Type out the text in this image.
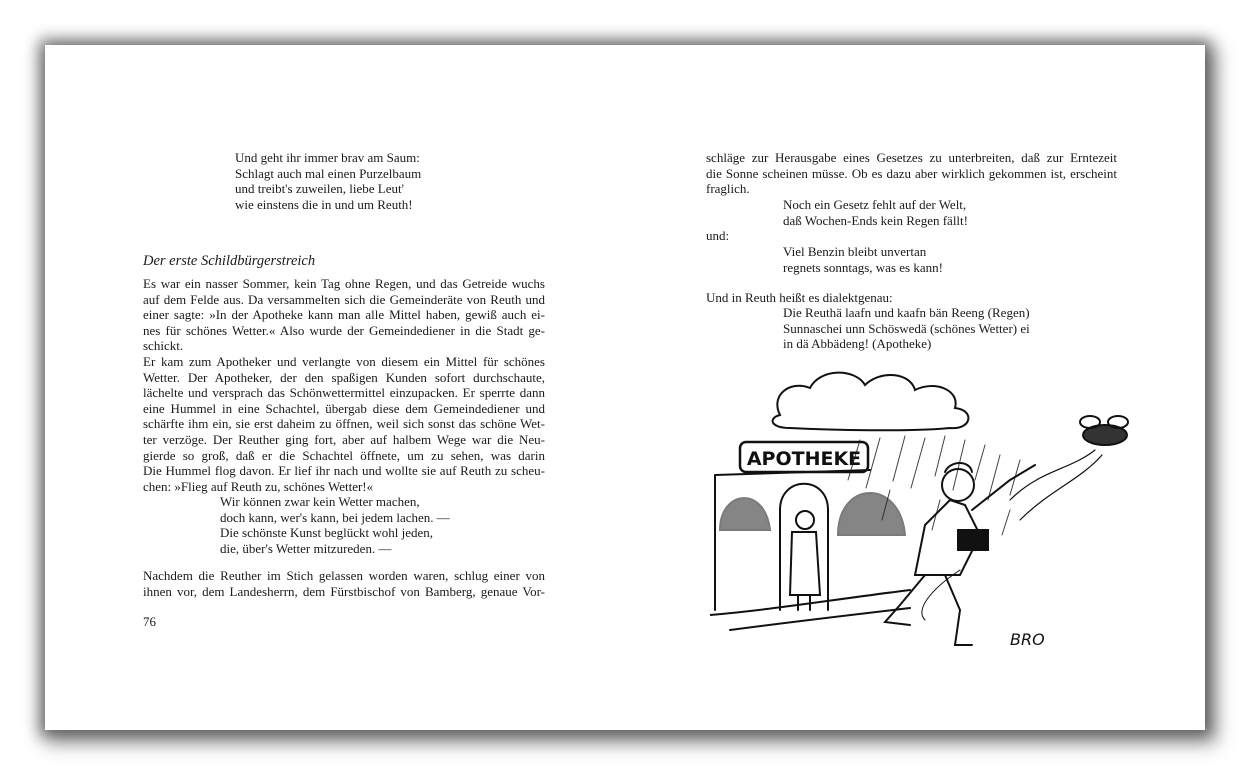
Und geht ihr immer brav am Saum:
Schlagt auch mal einen Purzelbaum
und treibt's zuweilen, liebe Leut'
wie einstens die in und um Reuth!
Der erste Schildbürgerstreich
Es war ein nasser Sommer, kein Tag ohne Regen, und das Getreide wuchs
auf dem Felde aus. Da versammelten sich die Gemeinderäte von Reuth und
einer sagte: »In der Apotheke kann man alle Mittel haben, gewiß auch ei-
nes für schönes Wetter.« Also wurde der Gemeindediener in die Stadt ge-
schickt.
Er kam zum Apotheker und verlangte von diesem ein Mittel für schönes
Wetter. Der Apotheker, der den spaßigen Kunden sofort durchschaute,
lächelte und versprach das Schönwettermittel einzupacken. Er sperrte dann
eine Hummel in eine Schachtel, übergab diese dem Gemeindediener und
schärfte ihm ein, sie erst daheim zu öffnen, weil sich sonst das schöne Wet-
ter verzöge. Der Reuther ging fort, aber auf halbem Wege war die Neu-
gierde so groß, daß er die Schachtel öffnete, um zu sehen, was darin
Die Hummel flog davon. Er lief ihr nach und wollte sie auf Reuth zu scheu-
chen: »Flieg auf Reuth zu, schönes Wetter!«
Wir können zwar kein Wetter machen,
doch kann, wer's kann, bei jedem lachen. —
Die schönste Kunst beglückt wohl jeden,
die, über's Wetter mitzureden. —
Nachdem die Reuther im Stich gelassen worden waren, schlug einer von
ihnen vor, dem Landesherrn, dem Fürstbischof von Bamberg, genaue Vor-
76
schläge zur Herausgabe eines Gesetzes zu unterbreiten, daß zur Erntezeit
die Sonne scheinen müsse. Ob es dazu aber wirklich gekommen ist, erscheint
fraglich.
Noch ein Gesetz fehlt auf der Welt,
daß Wochen-Ends kein Regen fällt!
und:
Viel Benzin bleibt unvertan
regnets sonntags, was es kann!
Und in Reuth heißt es dialektgenau:
Die Reuthä laafn und kaafn bän Reeng (Regen)
Sunnaschei unn Schöswedä (schönes Wetter) ei
in dä Abbädeng! (Apotheke)
APOTHEKE
BRO
